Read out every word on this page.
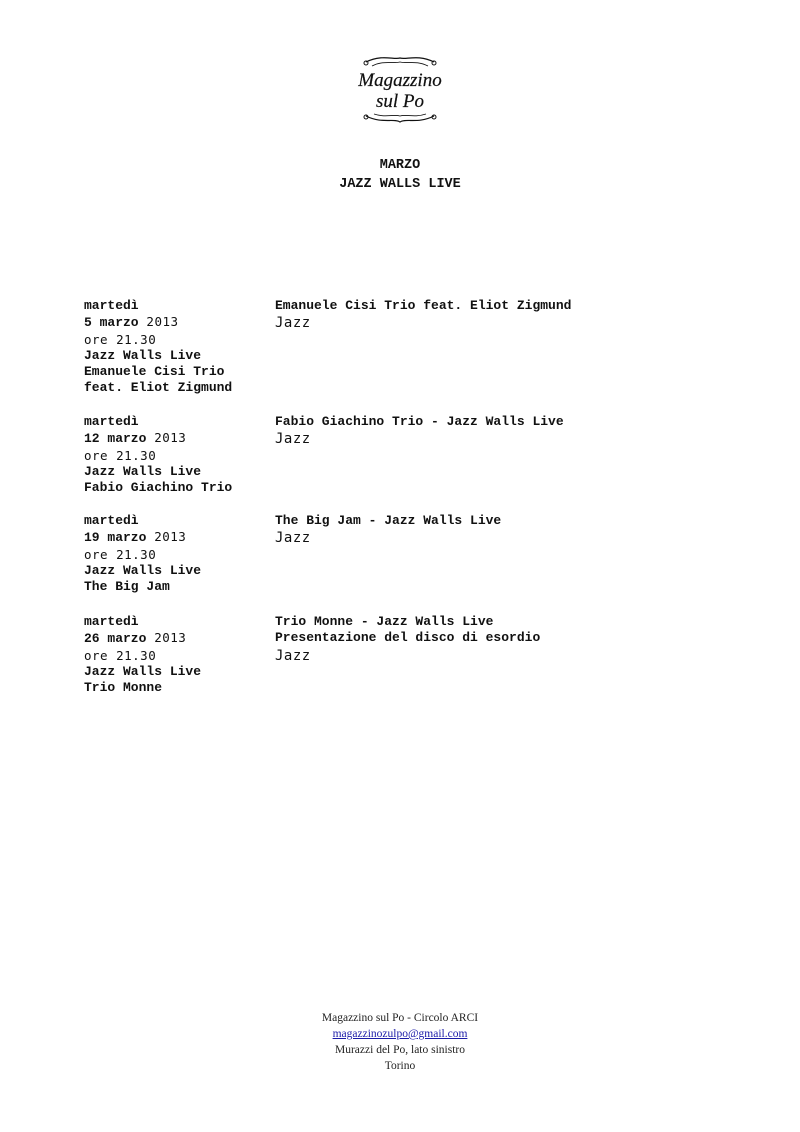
Magazzino
sul Po
MARZO
JAZZ WALLS LIVE
martedì
5 marzo 2013
ore 21.30
Jazz Walls Live
Emanuele Cisi Trio
feat. Eliot Zigmund
Emanuele Cisi Trio feat. Eliot Zigmund
Jazz
martedì
12 marzo 2013
ore 21.30
Jazz Walls Live
Fabio Giachino Trio
Fabio Giachino Trio - Jazz Walls Live
Jazz
martedì
19 marzo 2013
ore 21.30
Jazz Walls Live
The Big Jam
The Big Jam - Jazz Walls Live
Jazz
martedì
26 marzo 2013
ore 21.30
Jazz Walls Live
Trio Monne
Trio Monne - Jazz Walls Live
Presentazione del disco di esordio
Jazz
Magazzino sul Po - Circolo ARCI
magazzinozulpo@gmail.com
Murazzi del Po, lato sinistro
Torino
